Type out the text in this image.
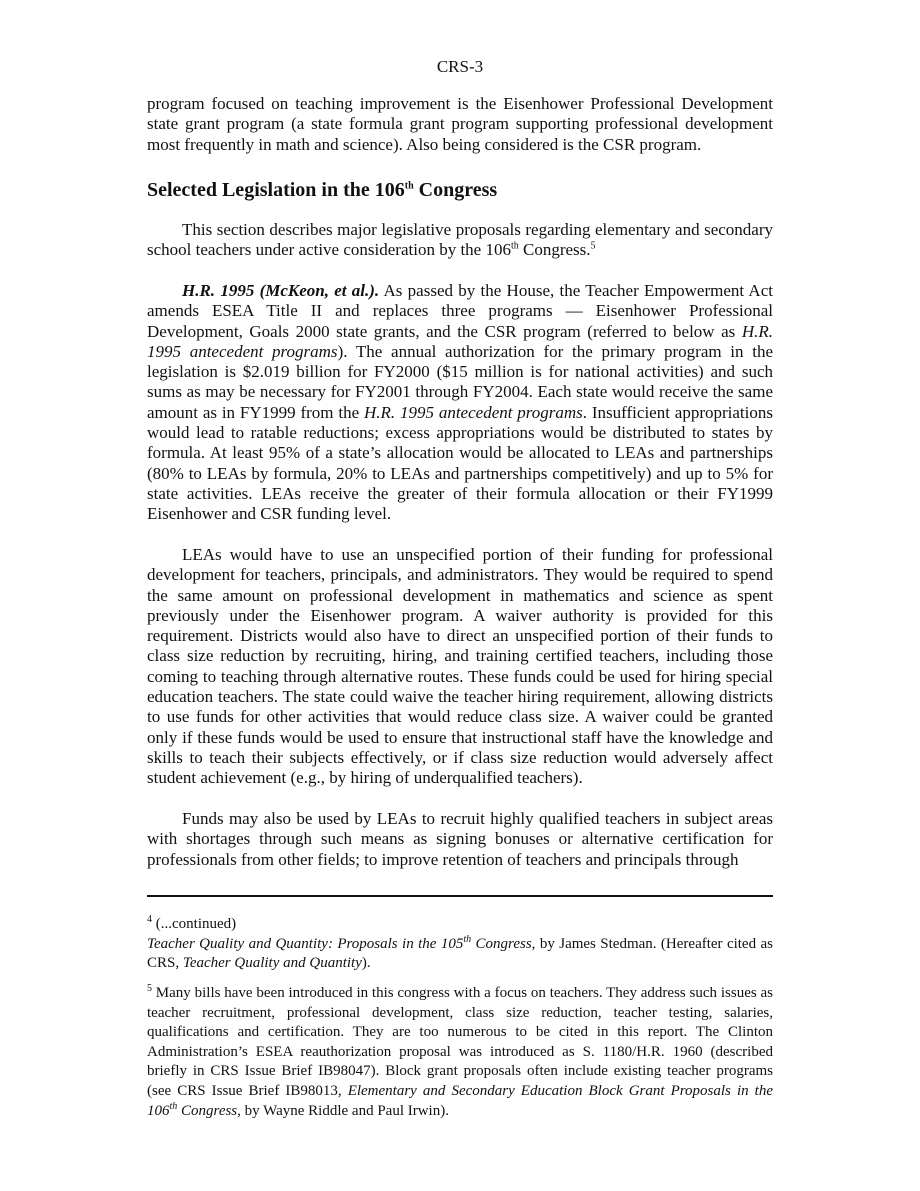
CRS-3

program focused on teaching improvement is the Eisenhower Professional Development state grant program (a state formula grant program supporting professional development most frequently in math and science). Also being considered is the CSR program.

Selected Legislation in the 106th Congress

This section describes major legislative proposals regarding elementary and secondary school teachers under active consideration by the 106th Congress.$^5$

H.R. 1995 (McKeon, et al.). As passed by the House, the Teacher Empowerment Act amends ESEA Title II and replaces three programs — Eisenhower Professional Development, Goals 2000 state grants, and the CSR program (referred to below as H.R. 1995 antecedent programs). The annual authorization for the primary program in the legislation is $2.019 billion for FY2000 ($15 million is for national activities) and such sums as may be necessary for FY2001 through FY2004. Each state would receive the same amount as in FY1999 from the H.R. 1995 antecedent programs. Insufficient appropriations would lead to ratable reductions; excess appropriations would be distributed to states by formula. At least 95% of a state’s allocation would be allocated to LEAs and partnerships (80% to LEAs by formula, 20% to LEAs and partnerships competitively) and up to 5% for state activities. LEAs receive the greater of their formula allocation or their FY1999 Eisenhower and CSR funding level.

LEAs would have to use an unspecified portion of their funding for professional development for teachers, principals, and administrators. They would be required to spend the same amount on professional development in mathematics and science as spent previously under the Eisenhower program. A waiver authority is provided for this requirement. Districts would also have to direct an unspecified portion of their funds to class size reduction by recruiting, hiring, and training certified teachers, including those coming to teaching through alternative routes. These funds could be used for hiring special education teachers. The state could waive the teacher hiring requirement, allowing districts to use funds for other activities that would reduce class size. A waiver could be granted only if these funds would be used to ensure that instructional staff have the knowledge and skills to teach their subjects effectively, or if class size reduction would adversely affect student achievement (e.g., by hiring of underqualified teachers).

Funds may also be used by LEAs to recruit highly qualified teachers in subject areas with shortages through such means as signing bonuses or alternative certification for professionals from other fields; to improve retention of teachers and principals through

$^4$ (...continued)

Teacher Quality and Quantity: Proposals in the 105th Congress, by James Stedman. (Hereafter cited as CRS, Teacher Quality and Quantity).

$^5$ Many bills have been introduced in this congress with a focus on teachers. They address such issues as teacher recruitment, professional development, class size reduction, teacher testing, salaries, qualifications and certification. They are too numerous to be cited in this report. The Clinton Administration’s ESEA reauthorization proposal was introduced as S. 1180/H.R. 1960 (described briefly in CRS Issue Brief IB98047). Block grant proposals often include existing teacher programs (see CRS Issue Brief IB98013, Elementary and Secondary Education Block Grant Proposals in the 106th Congress, by Wayne Riddle and Paul Irwin).
